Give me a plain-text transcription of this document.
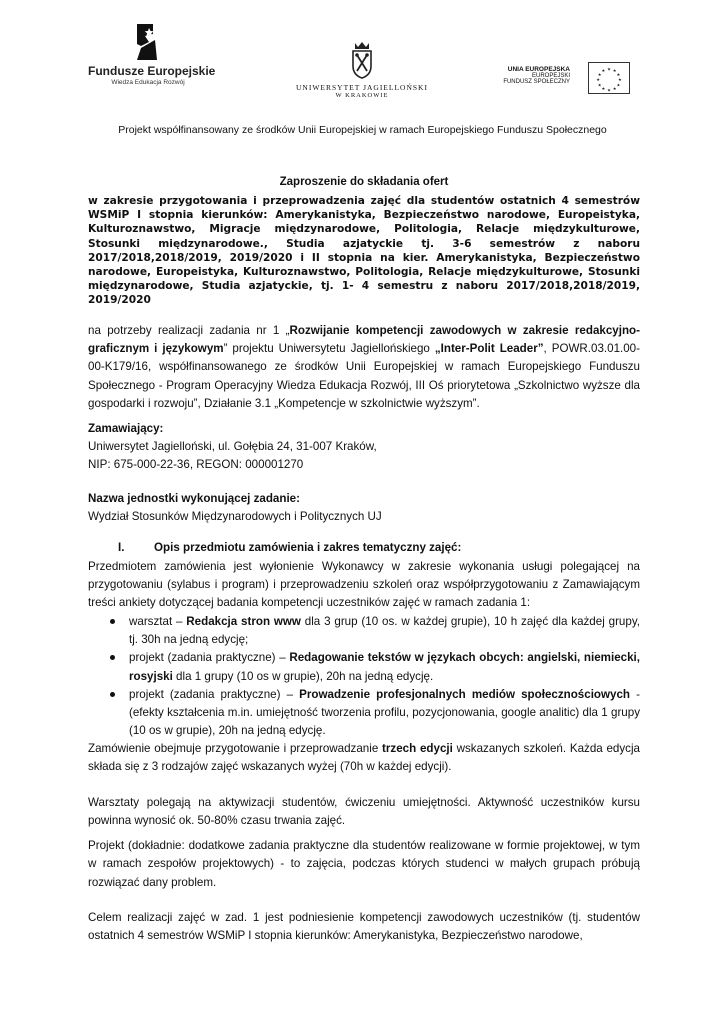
Fundusze Europejskie
Wiedza Edukacja Rozwój
UNIWERSYTET JAGIELLOŃSKI
W KRAKOWIE
UNIA EUROPEJSKA
EUROPEJSKI
FUNDUSZ SPOŁECZNY
★ ★
★
★
★
★
★
★
★
★
★
★
Projekt współfinansowany ze środków Unii Europejskiej w ramach Europejskiego Funduszu Społecznego
Zaproszenie do składania ofert
w zakresie przygotowania i przeprowadzenia zajęć dla studentów ostatnich 4 semestrów WSMiP I stopnia kierunków: Amerykanistyka, Bezpieczeństwo narodowe, Europeistyka, Kulturoznawstwo, Migracje międzynarodowe, Politologia, Relacje międzykulturowe, Stosunki międzynarodowe., Studia azjatyckie tj. 3-6 semestrów z naboru 2017/2018,2018/2019, 2019/2020 i II stopnia na kier. Amerykanistyka, Bezpieczeństwo narodowe, Europeistyka, Kulturoznawstwo, Politologia, Relacje międzykulturowe, Stosunki międzynarodowe, Studia azjatyckie, tj. 1- 4 semestru z naboru 2017/2018,2018/2019, 2019/2020
na potrzeby realizacji zadania nr 1 „Rozwijanie kompetencji zawodowych w zakresie redakcyjno-graficznym i językowym” projektu Uniwersytetu Jagiellońskiego „Inter-Polit Leader”, POWR.03.01.00-00-K179/16, współfinansowanego ze środków Unii Europejskiej w ramach Europejskiego Funduszu Społecznego - Program Operacyjny Wiedza Edukacja Rozwój, III Oś priorytetowa „Szkolnictwo wyższe dla gospodarki i rozwoju”, Działanie 3.1 „Kompetencje w szkolnictwie wyższym”.
Zamawiający:
Uniwersytet Jagielloński, ul. Gołębia 24, 31-007 Kraków,
NIP: 675-000-22-36, REGON: 000001270
Nazwa jednostki wykonującej zadanie:
Wydział Stosunków Międzynarodowych i Politycznych UJ
I.	Opis przedmiotu zamówienia i zakres tematyczny zajęć:
Przedmiotem zamówienia jest wyłonienie Wykonawcy w zakresie wykonania usługi polegającej na przygotowaniu (sylabus i program) i przeprowadzeniu szkoleń oraz współprzygotowaniu z Zamawiającym treści ankiety dotyczącej badania kompetencji uczestników zajęć w ramach zadania 1:
warsztat – Redakcja stron www dla 3 grup (10 os. w każdej grupie), 10 h zajęć dla każdej grupy, tj. 30h na jedną edycję;
projekt (zadania praktyczne) – Redagowanie tekstów w językach obcych: angielski, niemiecki, rosyjski dla 1 grupy (10 os w grupie), 20h na jedną edycję.
projekt (zadania praktyczne) – Prowadzenie profesjonalnych mediów społecznościowych - (efekty kształcenia m.in. umiejętność tworzenia profilu, pozycjonowania, google analitic) dla 1 grupy (10 os w grupie), 20h na jedną edycję.
Zamówienie obejmuje przygotowanie i przeprowadzanie trzech edycji wskazanych szkoleń. Każda edycja składa się z 3 rodzajów zajęć wskazanych wyżej (70h w każdej edycji).
Warsztaty polegają na aktywizacji studentów, ćwiczeniu umiejętności. Aktywność uczestników kursu powinna wynosić ok. 50-80% czasu trwania zajęć.
Projekt (dokładnie: dodatkowe zadania praktyczne dla studentów realizowane w formie projektowej, w tym w ramach zespołów projektowych) - to zajęcia, podczas których studenci w małych grupach próbują rozwiązać dany problem.
Celem realizacji zajęć w zad. 1 jest podniesienie kompetencji zawodowych uczestników (tj. studentów ostatnich 4 semestrów WSMiP I stopnia kierunków: Amerykanistyka, Bezpieczeństwo narodowe,
